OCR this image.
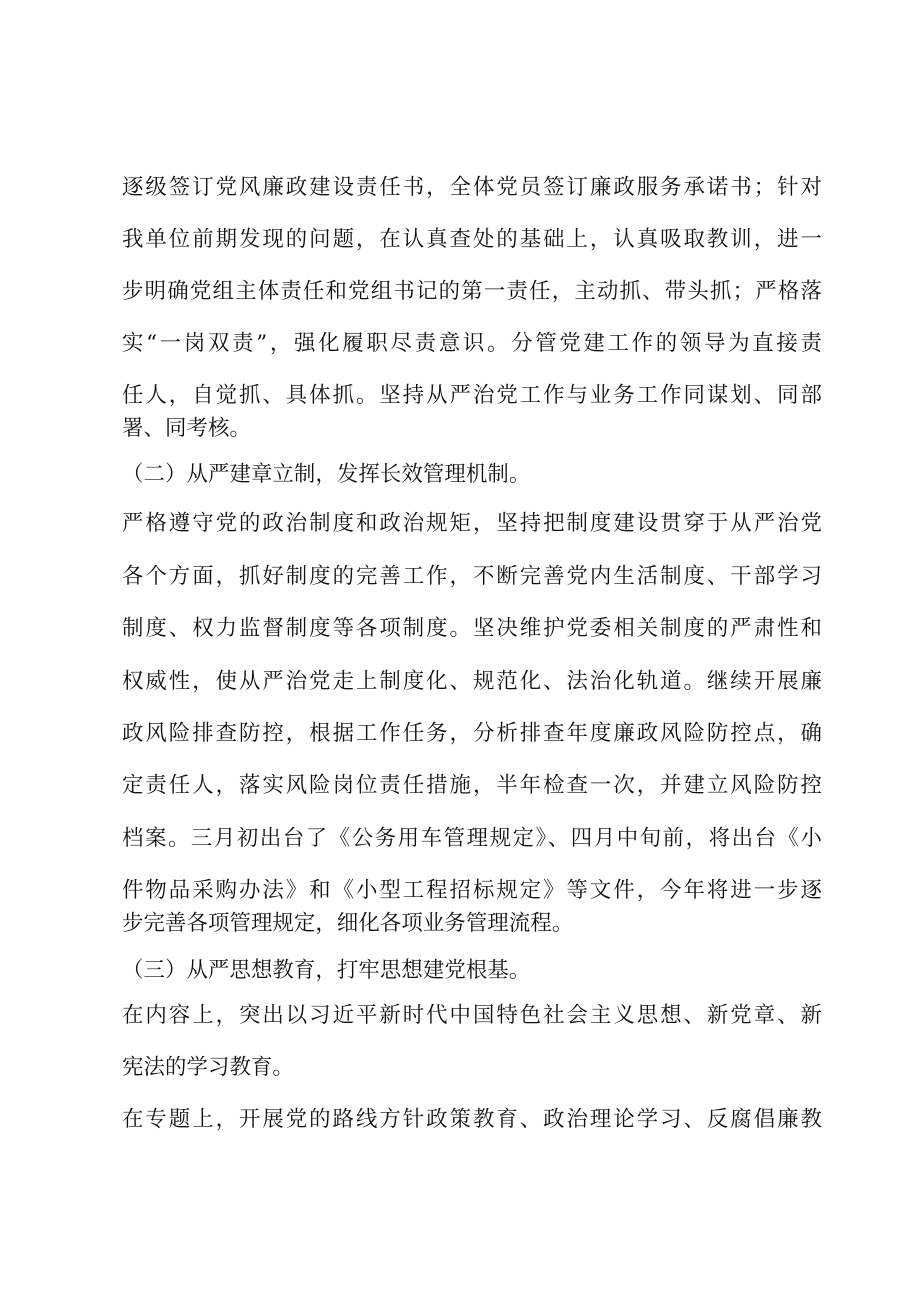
逐级签订党风廉政建设责任书，全体党员签订廉政服务承诺书；针对
我单位前期发现的问题，在认真查处的基础上，认真吸取教训，进一
步明确党组主体责任和党组书记的第一责任，主动抓、带头抓；严格落
实“一岗双责”，强化履职尽责意识。分管党建工作的领导为直接责
任人，自觉抓、具体抓。坚持从严治党工作与业务工作同谋划、同部
署、同考核。
（二）从严建章立制，发挥长效管理机制。
严格遵守党的政治制度和政治规矩，坚持把制度建设贯穿于从严治党
各个方面，抓好制度的完善工作，不断完善党内生活制度、干部学习
制度、权力监督制度等各项制度。坚决维护党委相关制度的严肃性和
权威性，使从严治党走上制度化、规范化、法治化轨道。继续开展廉
政风险排查防控，根据工作任务，分析排查年度廉政风险防控点，确
定责任人，落实风险岗位责任措施，半年检查一次，并建立风险防控
档案。三月初出台了《公务用车管理规定》、四月中旬前，将出台《小
件物品采购办法》和《小型工程招标规定》等文件，今年将进一步逐
步完善各项管理规定，细化各项业务管理流程。
（三）从严思想教育，打牢思想建党根基。
在内容上，突出以习近平新时代中国特色社会主义思想、新党章、新
宪法的学习教育。
在专题上，开展党的路线方针政策教育、政治理论学习、反腐倡廉教
